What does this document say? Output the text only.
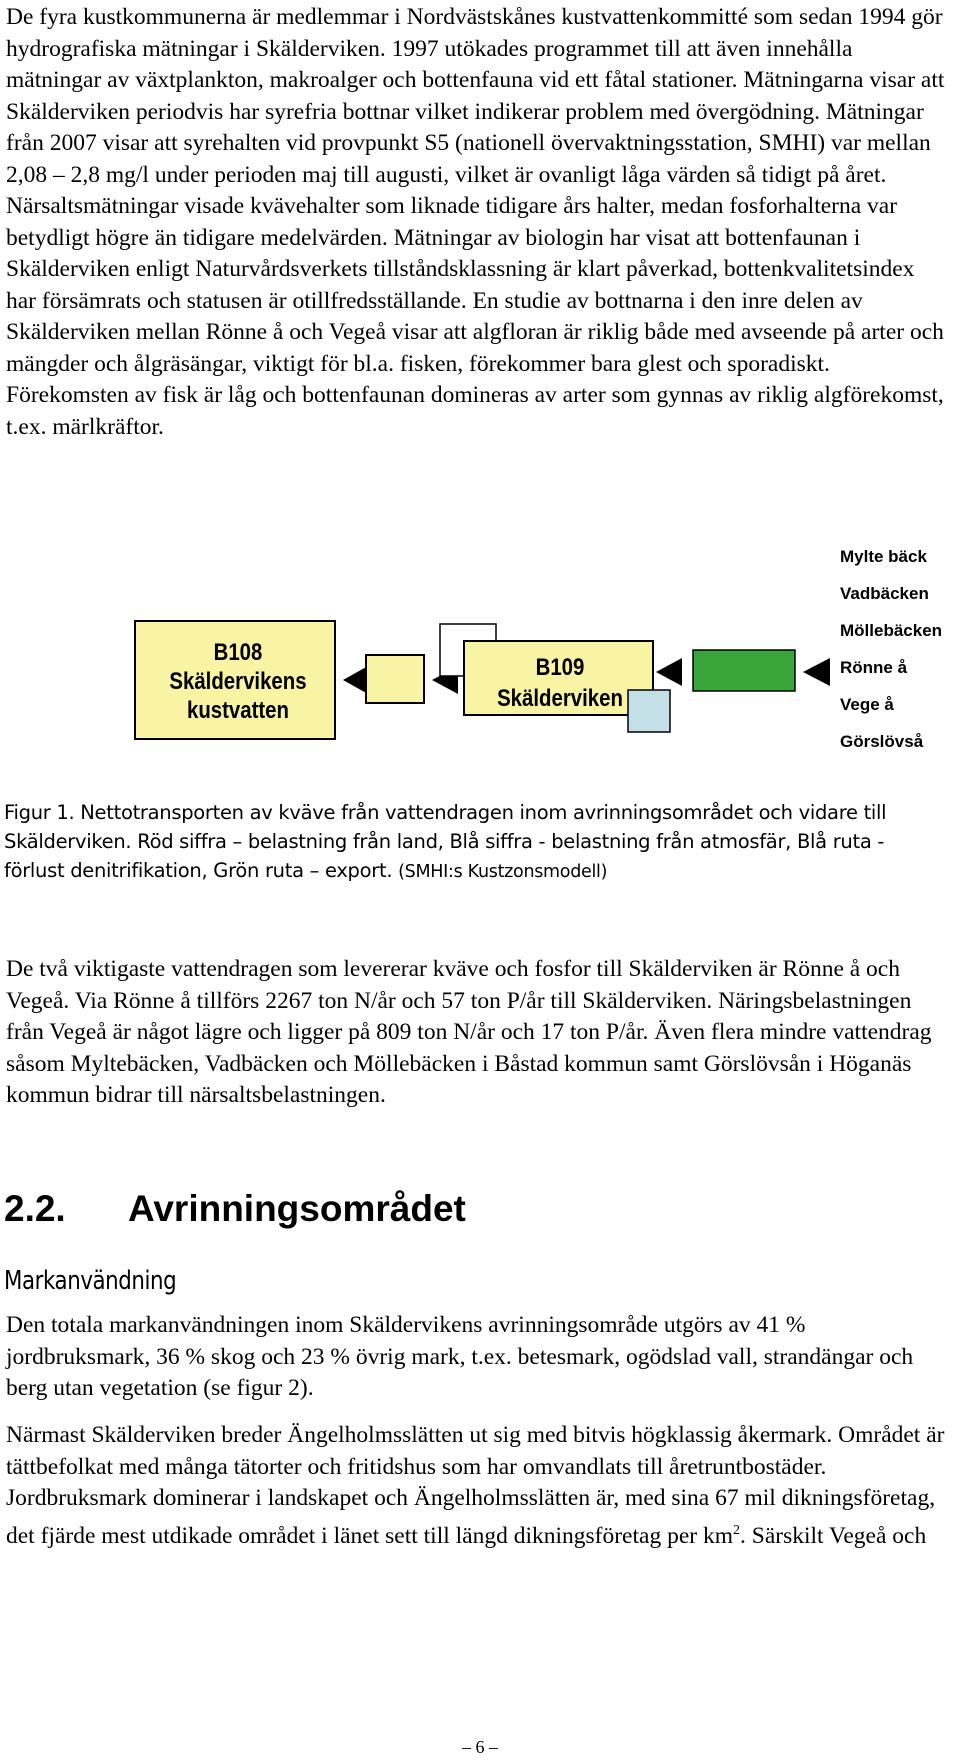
De fyra kustkommunerna är medlemmar i Nordvästskånes kustvattenkommitté som sedan 1994 gör hydrografiska mätningar i Skälderviken. 1997 utökades programmet till att även innehålla mätningar av växtplankton, makroalger och bottenfauna vid ett fåtal stationer. Mätningarna visar att Skälderviken periodvis har syrefria bottnar vilket indikerar problem med övergödning. Mätningar från 2007 visar att syrehalten vid provpunkt S5 (nationell övervaktningsstation, SMHI) var mellan 2,08 – 2,8 mg/l under perioden maj till augusti, vilket är ovanligt låga värden så tidigt på året. Närsaltsmätningar visade kvävehalter som liknade tidigare års halter, medan fosforhalterna var betydligt högre än tidigare medelvärden. Mätningar av biologin har visat att bottenfaunan i Skälderviken enligt Naturvårdsverkets tillståndsklassning är klart påverkad, bottenkvalitetsindex har försämrats och statusen är otillfredsställande. En studie av bottnarna i den inre delen av Skälderviken mellan Rönne å och Vegeå visar att algfloran är riklig både med avseende på arter och mängder och ålgräsängar, viktigt för bl.a. fisken, förekommer bara glest och sporadiskt. Förekomsten av fisk är låg och bottenfaunan domineras av arter som gynnas av riklig algförekomst, t.ex. märlkräftor.

B108
Skäldervikens
kustvatten
B109
Skälderviken
Mylte bäck
Vadbäcken
Möllebäcken
Rönne å
Vege å
Görslövså

Figur 1. Nettotransporten av kväve från vattendragen inom avrinningsområdet och vidare till Skälderviken. Röd siffra – belastning från land, Blå siffra - belastning från atmosfär, Blå ruta - förlust denitrifikation, Grön ruta – export. (SMHI:s Kustzonsmodell)

De två viktigaste vattendragen som levererar kväve och fosfor till Skälderviken är Rönne å och Vegeå. Via Rönne å tillförs 2267 ton N/år och 57 ton P/år till Skälderviken. Näringsbelastningen från Vegeå är något lägre och ligger på 809 ton N/år och 17 ton P/år. Även flera mindre vattendrag såsom Myltebäcken, Vadbäcken och Möllebäcken i Båstad kommun samt Görslövsån i Höganäs kommun bidrar till närsaltsbelastningen.

2.2. Avrinningsområdet
Markanvändning

Den totala markanvändningen inom Skäldervikens avrinningsområde utgörs av 41 % jordbruksmark, 36 % skog och 23 % övrig mark, t.ex. betesmark, ogödslad vall, strandängar och berg utan vegetation (se figur 2).

Närmast Skälderviken breder Ängelholmsslätten ut sig med bitvis högklassig åkermark. Området är tättbefolkat med många tätorter och fritidshus som har omvandlats till åretruntbostäder. Jordbruksmark dominerar i landskapet och Ängelholmsslätten är, med sina 67 mil dikningsföretag, det fjärde mest utdikade området i länet sett till längd dikningsföretag per $km^2$. Särskilt Vegeå och

– 6 –
